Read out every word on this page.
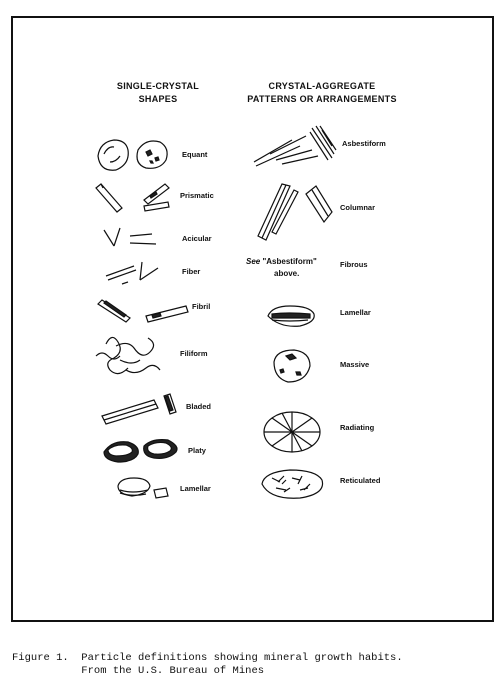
SINGLE-CRYSTAL
SHAPES
CRYSTAL-AGGREGATE
PATTERNS OR ARRANGEMENTS
Equant
Prismatic
Acicular
Fiber
Fibril
Filiform
Bladed
Platy
Lamellar
Asbestiform
Columnar
See "Asbestiform"
above.
Fibrous
Lamellar
Massive
Radiating
Reticulated
Figure 1.  Particle definitions showing mineral growth habits.
From the U.S. Bureau of Mines
